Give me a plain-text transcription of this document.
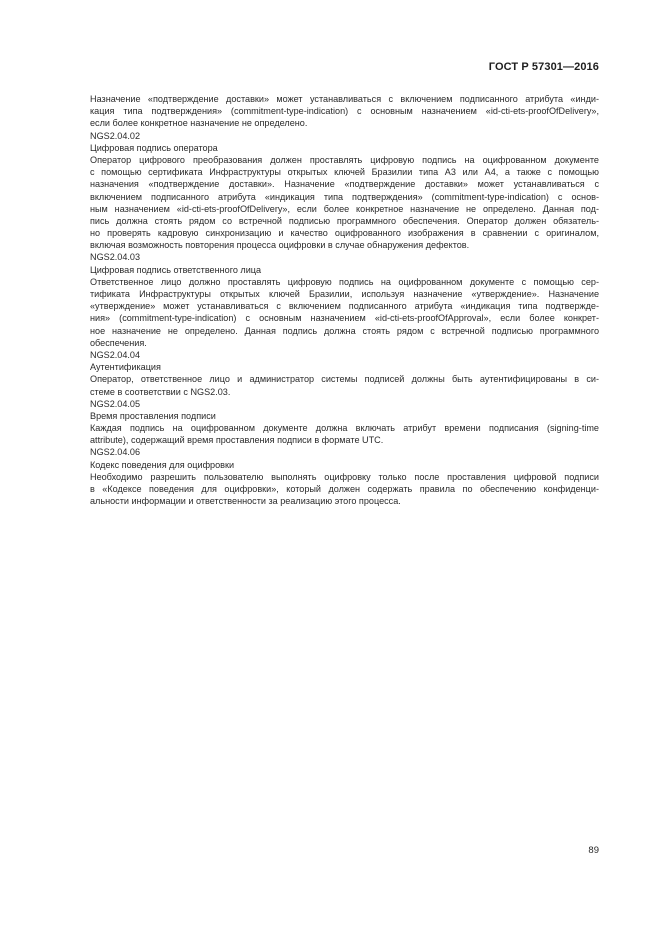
ГОСТ Р 57301—2016
Назначение «подтверждение доставки» может устанавливаться с включением подписанного атрибута «инди-
кация типа подтверждения» (commitment-type-indication) с основным назначением «id-cti-ets-proofOfDelivery»,
если более конкретное назначение не определено.
NGS2.04.02
Цифровая подпись оператора
Оператор цифрового преобразования должен проставлять цифровую подпись на оцифрованном документе
с помощью сертификата Инфраструктуры открытых ключей Бразилии типа А3 или А4, а также с помощью
назначения «подтверждение доставки». Назначение «подтверждение доставки» может устанавливаться с
включением подписанного атрибута «индикация типа подтверждения» (commitment-type-indication) с основ-
ным назначением «id-cti-ets-proofOfDelivery», если более конкретное назначение не определено. Данная под-
пись должна стоять рядом со встречной подписью программного обеспечения. Оператор должен обязатель-
но проверять кадровую синхронизацию и качество оцифрованного изображения в сравнении с оригиналом,
включая возможность повторения процесса оцифровки в случае обнаружения дефектов.
NGS2.04.03
Цифровая подпись ответственного лица
Ответственное лицо должно проставлять цифровую подпись на оцифрованном документе с помощью сер-
тификата Инфраструктуры открытых ключей Бразилии, используя назначение «утверждение». Назначение
«утверждение» может устанавливаться с включением подписанного атрибута «индикация типа подтвержде-
ния» (commitment-type-indication) с основным назначением «id-cti-ets-proofOfApproval», если более конкрет-
ное назначение не определено. Данная подпись должна стоять рядом с встречной подписью программного
обеспечения.
NGS2.04.04
Аутентификация
Оператор, ответственное лицо и администратор системы подписей должны быть аутентифицированы в си-
стеме в соответствии с NGS2.03.
NGS2.04.05
Время проставления подписи
Каждая подпись на оцифрованном документе должна включать атрибут времени подписания (signing-time
attribute), содержащий время проставления подписи в формате UTC.
NGS2.04.06
Кодекс поведения для оцифровки
Необходимо разрешить пользователю выполнять оцифровку только после проставления цифровой подписи
в «Кодексе поведения для оцифровки», который должен содержать правила по обеспечению конфиденци-
альности информации и ответственности за реализацию этого процесса.
89
